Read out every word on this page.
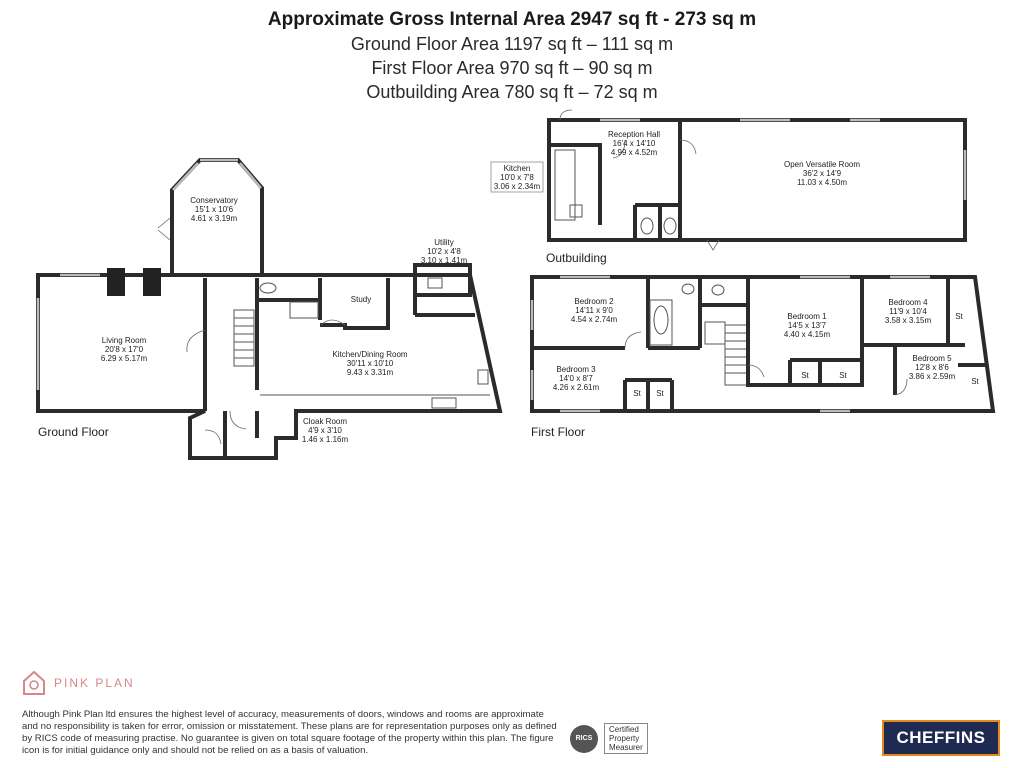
Approximate Gross Internal Area 2947 sq ft - 273 sq m

Ground Floor Area 1197 sq ft – 111 sq m

First Floor Area 970 sq ft – 90 sq m

Outbuilding Area 780 sq ft – 72 sq m

Conservatory
15'1 x 10'6
4.61 x 3.19m
Utility
10'2 x 4'8
3.10 x 1.41m
Living Room
20'8 x 17'0
6.29 x 5.17m
Study
Kitchen/Dining Room
30'11 x 10'10
9.43 x 3.31m
Cloak Room
4'9 x 3'10
1.46 x 1.16m
Ground Floor
Reception Hall
16'4 x 14'10
4.99 x 4.52m
Kitchen
10'0 x 7'8
3.06 x 2.34m
Open Versatile Room
36'2 x 14'9
11.03 x 4.50m
Outbuilding
Bedroom 2
14'11 x 9'0
4.54 x 2.74m	Bedroom 1
14'5 x 13'7
4.40 x 4.15m
Bedroom 4
11'9 x 10'4
3.58 x 3.15m
Bedroom 3
14'0 x 8'7
4.26 x 2.61m
Bedroom 5
12'8 x 8'6
3.86 x 2.59m
St
St	St
St St
St
First Floor
PINK PLAN

Although Pink Plan ltd ensures the highest level of accuracy, measurements of doors, windows and rooms are approximate and no responsibility is taken for error, omission or misstatement. These plans are for representation purposes only as defined by RICS code of measuring practise. No guarantee is given on total square footage of the property within this plan. The figure icon is for initial guidance only and should not be relied on as a basis of valuation.

RICS
Certified
Property
Measurer
CHEFFINS
